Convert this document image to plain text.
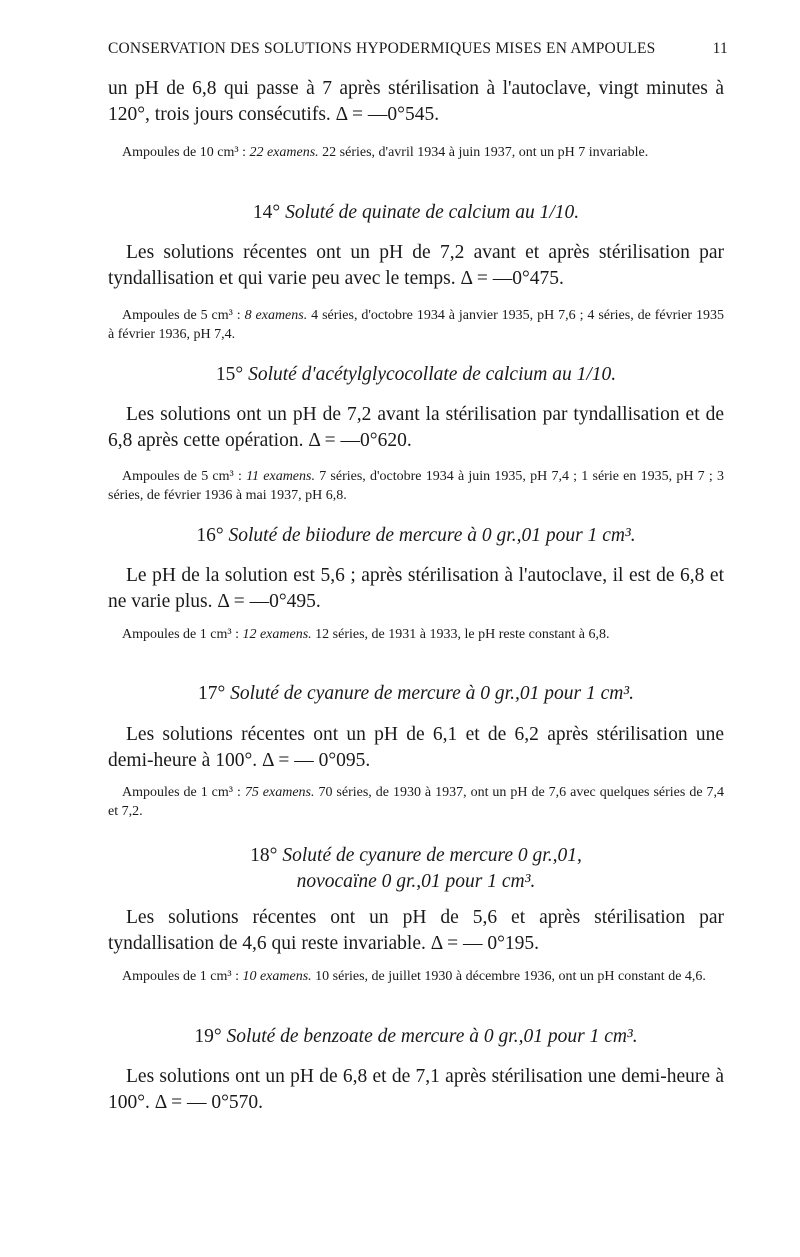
CONSERVATION DES SOLUTIONS HYPODERMIQUES MISES EN AMPOULES	11
un pH de 6,8 qui passe à 7 après stérilisation à l'autoclave, vingt minutes à 120°, trois jours consécutifs. Δ = —0°545.
Ampoules de 10 cm³ : 22 examens. 22 séries, d'avril 1934 à juin 1937, ont un pH 7 invariable.
14° Soluté de quinate de calcium au 1/10.
Les solutions récentes ont un pH de 7,2 avant et après stérilisation par tyndallisation et qui varie peu avec le temps. Δ = —0°475.
Ampoules de 5 cm³ : 8 examens. 4 séries, d'octobre 1934 à janvier 1935, pH 7,6 ; 4 séries, de février 1935 à février 1936, pH 7,4.
15° Soluté d'acétylglycocollate de calcium au 1/10.
Les solutions ont un pH de 7,2 avant la stérilisation par tyndallisation et de 6,8 après cette opération. Δ = —0°620.
Ampoules de 5 cm³ : 11 examens. 7 séries, d'octobre 1934 à juin 1935, pH 7,4 ; 1 série en 1935, pH 7 ; 3 séries, de février 1936 à mai 1937, pH 6,8.
16° Soluté de biiodure de mercure à 0 gr.,01 pour 1 cm³.
Le pH de la solution est 5,6 ; après stérilisation à l'autoclave, il est de 6,8 et ne varie plus. Δ = —0°495.
Ampoules de 1 cm³ : 12 examens. 12 séries, de 1931 à 1933, le pH reste constant à 6,8.
17° Soluté de cyanure de mercure à 0 gr.,01 pour 1 cm³.
Les solutions récentes ont un pH de 6,1 et de 6,2 après stérilisation une demi-heure à 100°. Δ = — 0°095.
Ampoules de 1 cm³ : 75 examens. 70 séries, de 1930 à 1937, ont un pH de 7,6 avec quelques séries de 7,4 et 7,2.
18° Soluté de cyanure de mercure 0 gr.,01,
novocaïne 0 gr.,01 pour 1 cm³.
Les solutions récentes ont un pH de 5,6 et après stérilisation par tyndallisation de 4,6 qui reste invariable. Δ = — 0°195.
Ampoules de 1 cm³ : 10 examens. 10 séries, de juillet 1930 à décembre 1936, ont un pH constant de 4,6.
19° Soluté de benzoate de mercure à 0 gr.,01 pour 1 cm³.
Les solutions ont un pH de 6,8 et de 7,1 après stérilisation une demi-heure à 100°. Δ = — 0°570.
